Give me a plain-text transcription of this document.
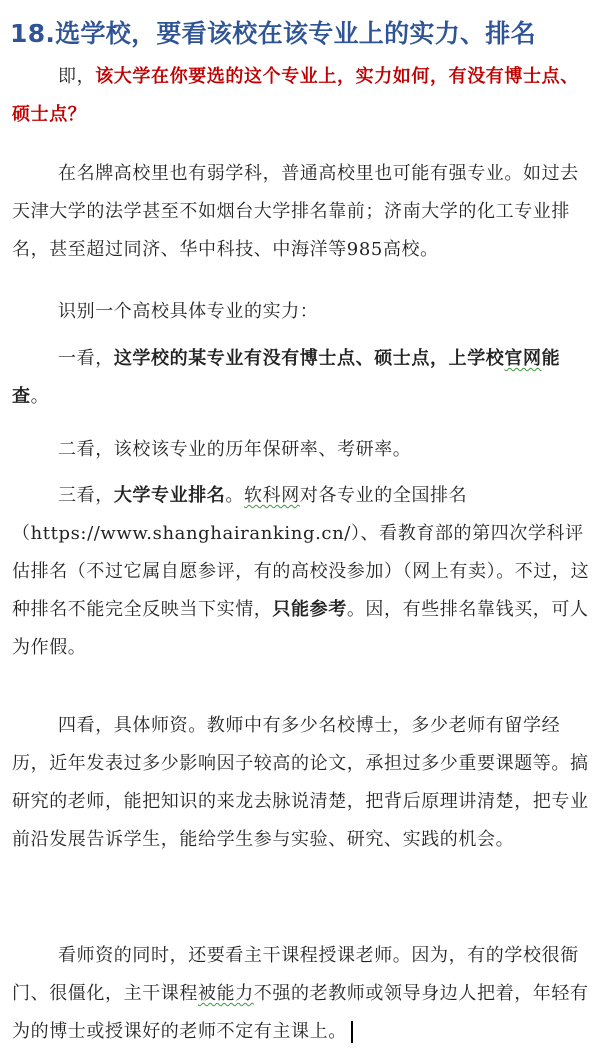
18.选学校，要看该校在该专业上的实力、排名

即，该大学在你要选的这个专业上，实力如何，有没有博士点、硕士点？

在名牌高校里也有弱学科，普通高校里也可能有强专业。如过去天津大学的法学甚至不如烟台大学排名靠前；济南大学的化工专业排名，甚至超过同济、华中科技、中海洋等985高校。

识别一个高校具体专业的实力：

一看，这学校的某专业有没有博士点、硕士点，上学校官网能查。

二看，该校该专业的历年保研率、考研率。

三看，大学专业排名。软科网对各专业的全国排名（https://www.shanghairanking.cn/）、看教育部的第四次学科评估排名（不过它属自愿参评，有的高校没参加）（网上有卖）。不过，这种排名不能完全反映当下实情，只能参考。因，有些排名靠钱买，可人为作假。

四看，具体师资。教师中有多少名校博士，多少老师有留学经历，近年发表过多少影响因子较高的论文，承担过多少重要课题等。搞研究的老师，能把知识的来龙去脉说清楚，把背后原理讲清楚，把专业前沿发展告诉学生，能给学生参与实验、研究、实践的机会。

看师资的同时，还要看主干课程授课老师。因为，有的学校很衙门、很僵化，主干课程被能力不强的老教师或领导身边人把着，年轻有为的博士或授课好的老师不定有主课上。
